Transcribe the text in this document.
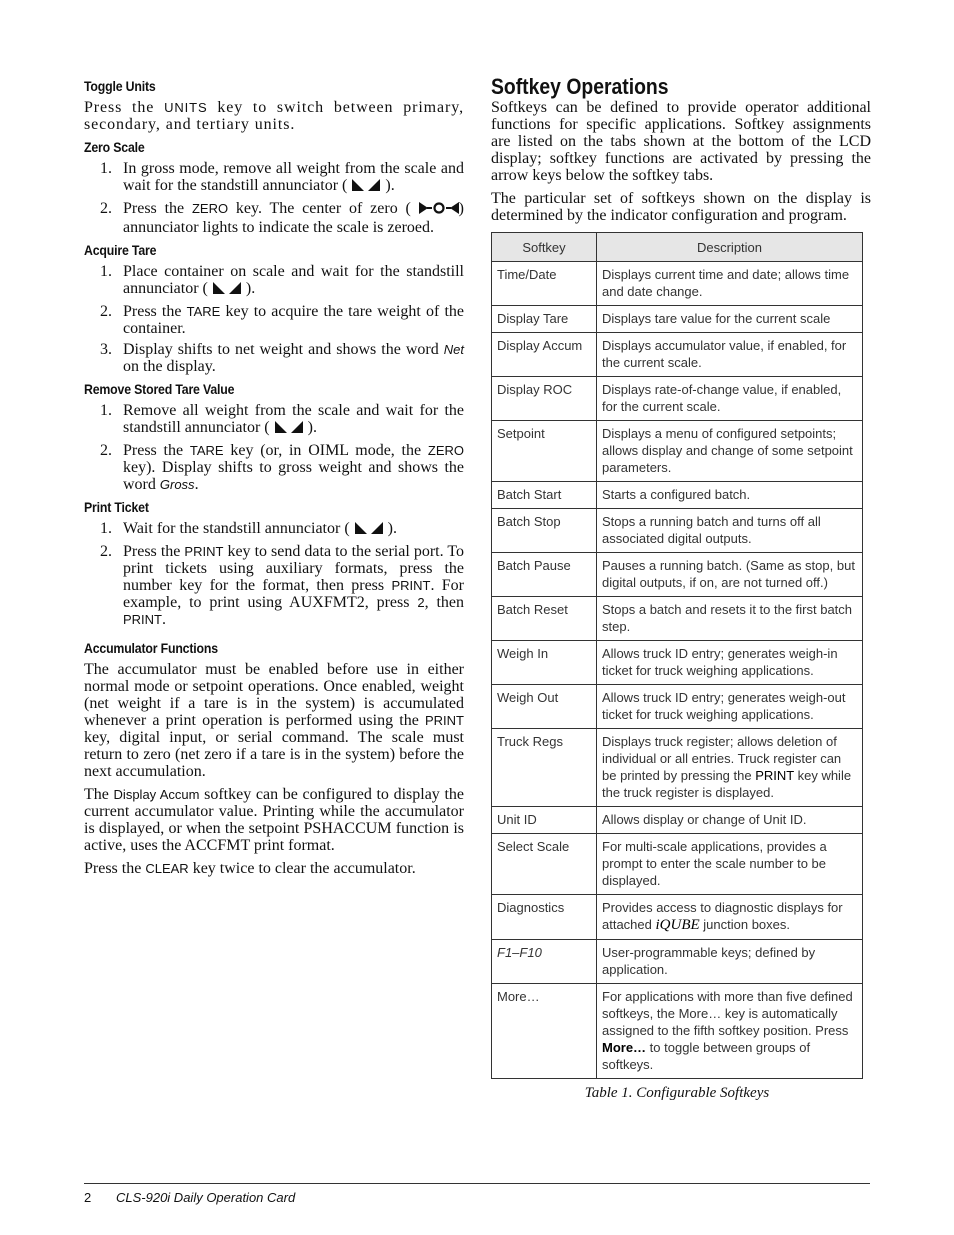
Toggle Units

Press the UNITS key to switch between primary, secondary, and tertiary units.

Zero Scale
1. In gross mode, remove all weight from the scale and wait for the standstill annunciator (  ).
2. Press the ZERO key. The center of zero (	) annunciator lights to indicate the scale is zeroed.
Acquire Tare
1. Place container on scale and wait for the standstill annunciator (  ).
2. Press the TARE key to acquire the tare weight of the container.
3. Display shifts to net weight and shows the word Net on the display.
Remove Stored Tare Value
1. Remove all weight from the scale and wait for the standstill annunciator (  ).
2. Press the TARE key (or, in OIML mode, the ZERO key). Display shifts to gross weight and shows the word Gross.
Print Ticket
1. Wait for the standstill annunciator (  ).
2. Press the PRINT key to send data to the serial port. To print tickets using auxiliary formats, press the number key for the format, then press PRINT. For example, to print using AUXFMT2, press 2, then PRINT.
Accumulator Functions

The accumulator must be enabled before use in either normal mode or setpoint operations. Once enabled, weight (net weight if a tare is in the system) is accumulated whenever a print operation is performed using the PRINT key, digital input, or serial command. The scale must return to zero (net zero if a tare is in the system) before the next accumulation.

The Display Accum softkey can be configured to display the current accumulator value. Printing while the accumulator is displayed, or when the setpoint PSHACCUM function is active, uses the ACCFMT print format.

Press the CLEAR key twice to clear the accumulator.

Softkey Operations

Softkeys can be defined to provide operator additional functions for specific applications. Softkey assignments are listed on the tabs shown at the bottom of the LCD display; softkey functions are activated by pressing the arrow keys below the softkey tabs.

The particular set of softkeys shown on the display is determined by the indicator configuration and program.

Softkey	Description
Time/Date	Displays current time and date; allows time and date change.
Display Tare	Displays tare value for the current scale
Display Accum	Displays accumulator value, if enabled, for the current scale.
Display ROC	Displays rate-of-change value, if enabled, for the current scale.
Setpoint	Displays a menu of configured setpoints; allows display and change of some setpoint parameters.
Batch Start	Starts a configured batch.
Batch Stop	Stops a running batch and turns off all associated digital outputs.
Batch Pause	Pauses a running batch. (Same as stop, but digital outputs, if on, are not turned off.)
Batch Reset	Stops a batch and resets it to the first batch step.
Weigh In	Allows truck ID entry; generates weigh-in ticket for truck weighing applications.
Weigh Out	Allows truck ID entry; generates weigh-out ticket for truck weighing applications.
Truck Regs	Displays truck register; allows deletion of individual or all entries. Truck register can be printed by pressing the PRINT key while the truck register is displayed.
Unit ID	Allows display or change of Unit ID.
Select Scale	For multi-scale applications, provides a prompt to enter the scale number to be displayed.
Diagnostics	Provides access to diagnostic displays for attached iQUBE junction boxes.
F1–F10	User-programmable keys; defined by application.
More…	For applications with more than five defined softkeys, the More… key is automatically assigned to the fifth softkey position. Press More… to toggle between groups of softkeys.
Table 1. Configurable Softkeys
2 CLS-920i Daily Operation Card
